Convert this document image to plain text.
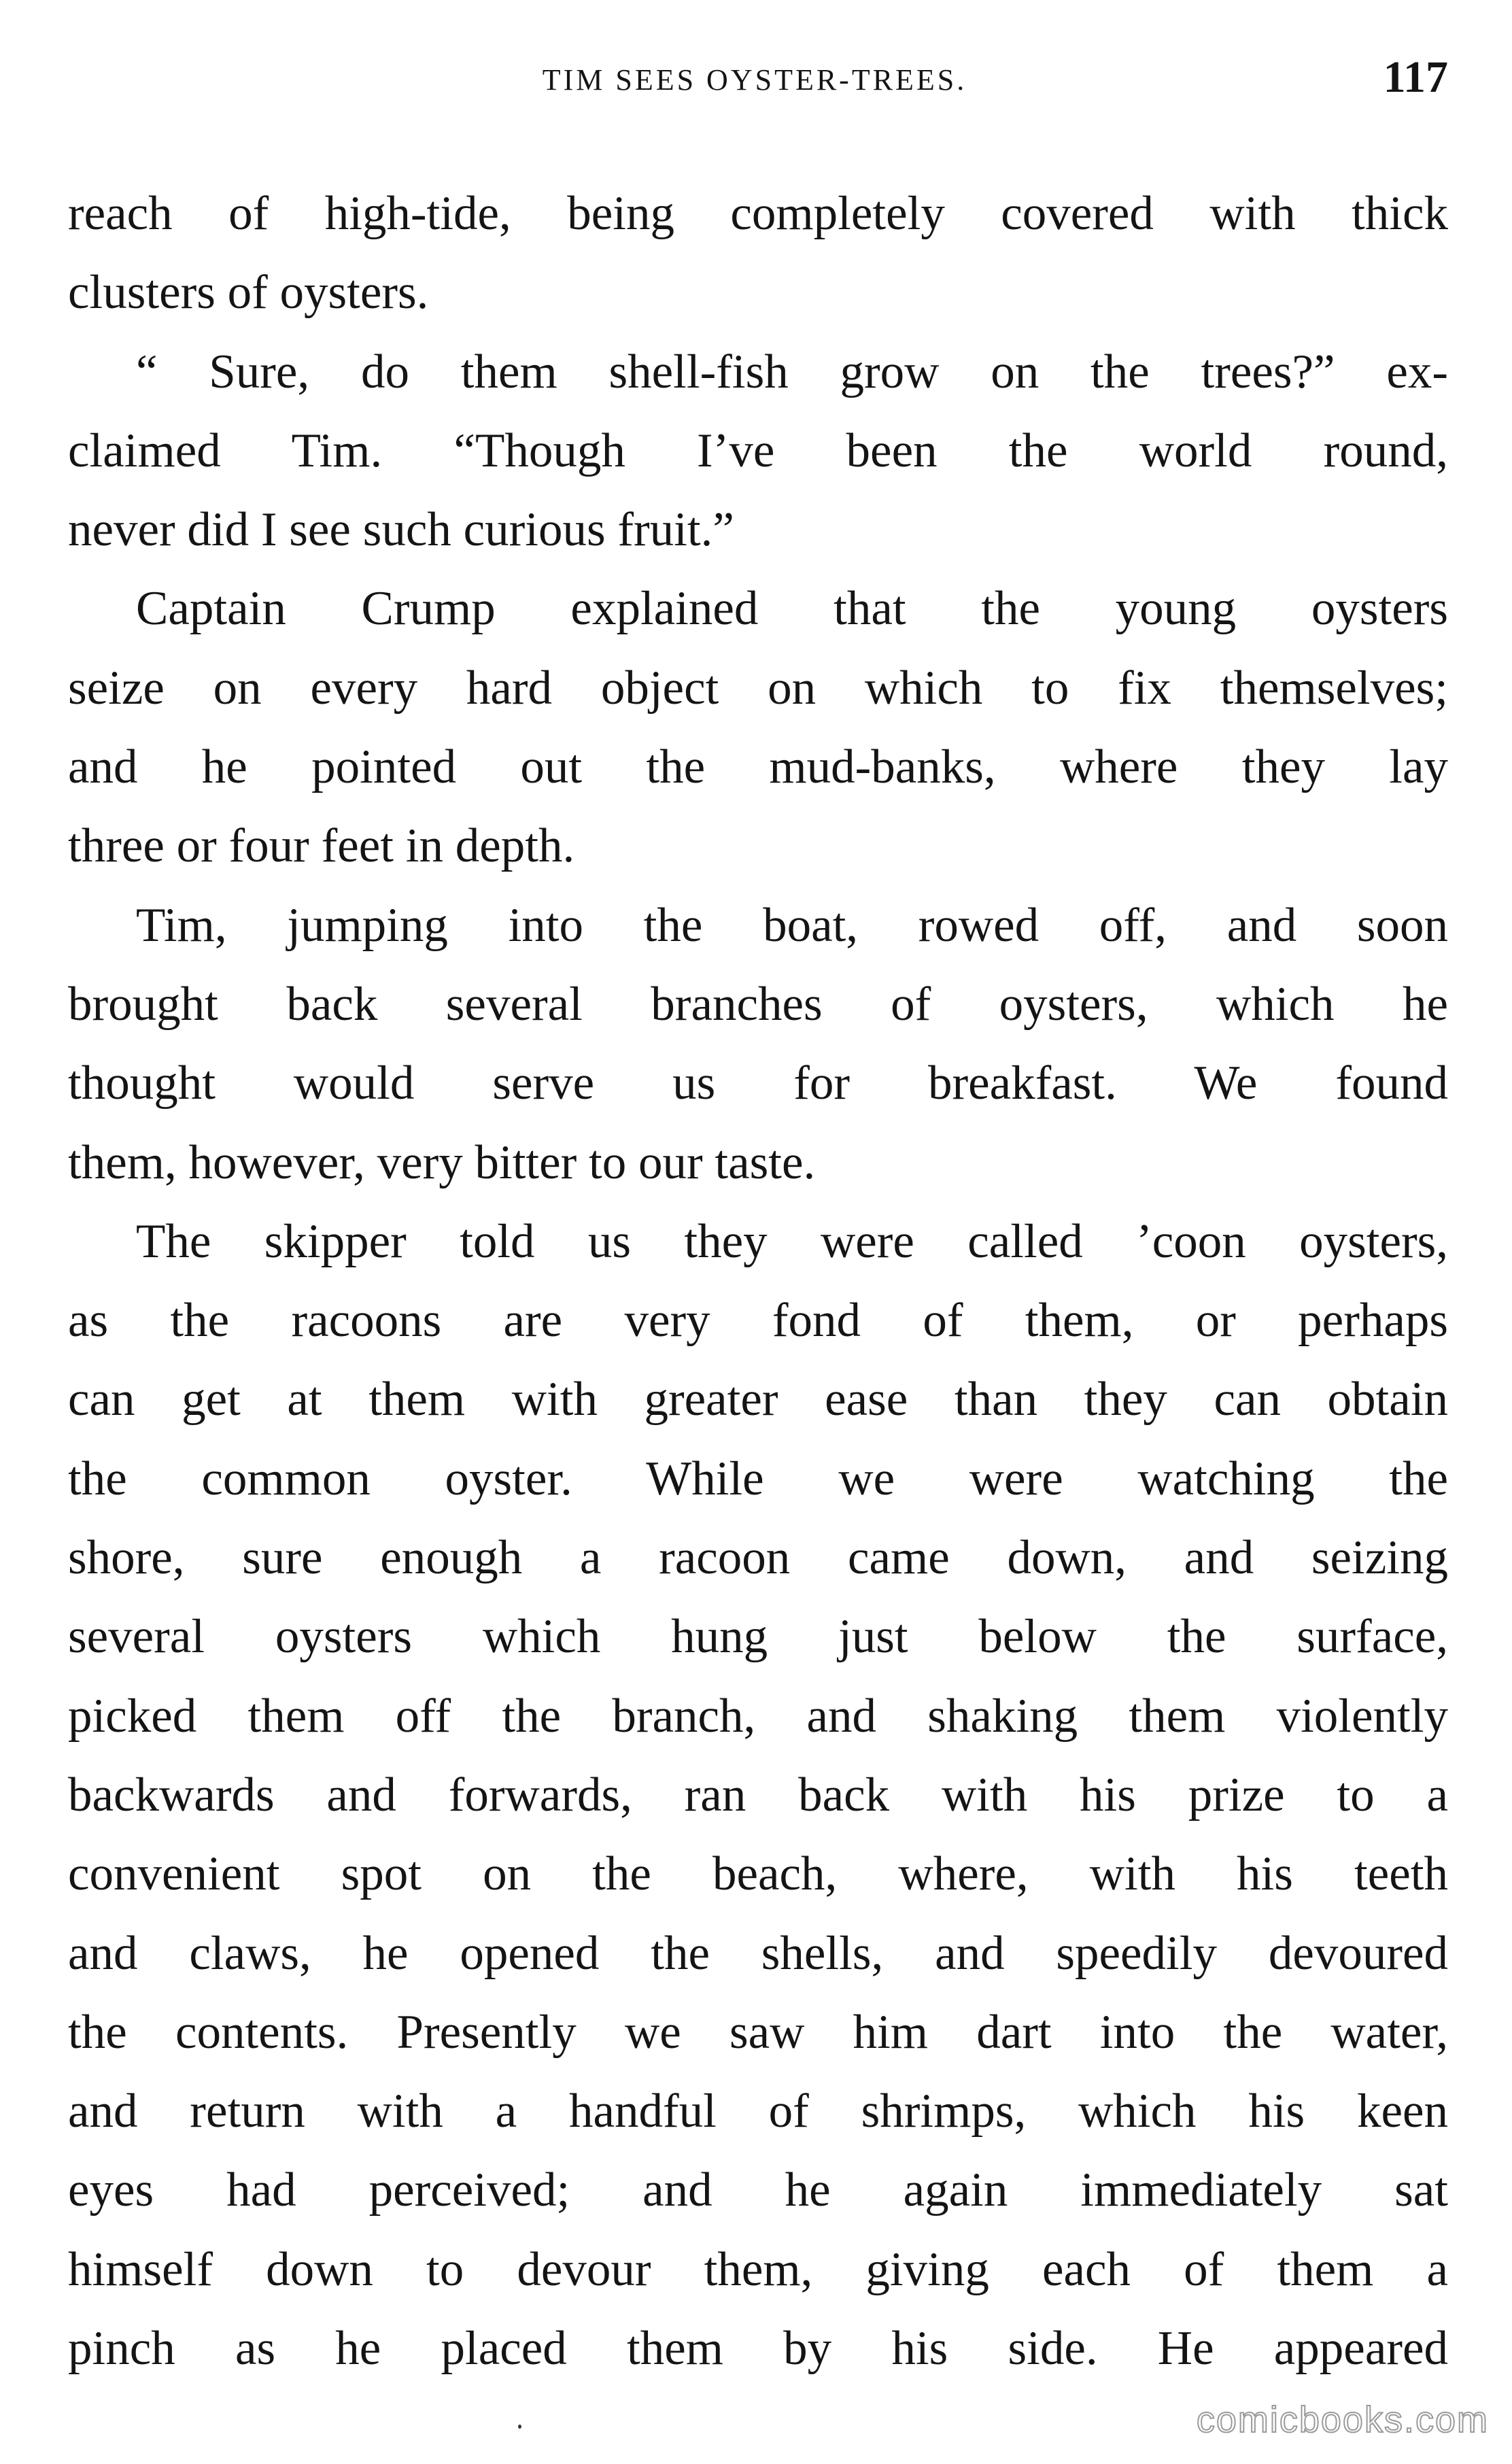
TIM SEES OYSTER-TREES.	117
reach of high-tide, being completely covered with thick
clusters of oysters.
“ Sure, do them shell-fish grow on the trees?” ex-
claimed Tim. “Though I’ve been the world round,
never did I see such curious fruit.”
Captain Crump explained that the young oysters
seize on every hard object on which to fix themselves;
and he pointed out the mud-banks, where they lay
three or four feet in depth.
Tim, jumping into the boat, rowed off, and soon
brought back several branches of oysters, which he
thought would serve us for breakfast. We found
them, however, very bitter to our taste.
The skipper told us they were called ’coon oysters,
as the racoons are very fond of them, or perhaps
can get at them with greater ease than they can obtain
the common oyster. While we were watching the
shore, sure enough a racoon came down, and seizing
several oysters which hung just below the surface,
picked them off the branch, and shaking them violently
backwards and forwards, ran back with his prize to a
convenient spot on the beach, where, with his teeth
and claws, he opened the shells, and speedily devoured
the contents. Presently we saw him dart into the water,
and return with a handful of shrimps, which his keen
eyes had perceived; and he again immediately sat
himself down to devour them, giving each of them a
pinch as he placed them by his side. He appeared
comicbooks.com
